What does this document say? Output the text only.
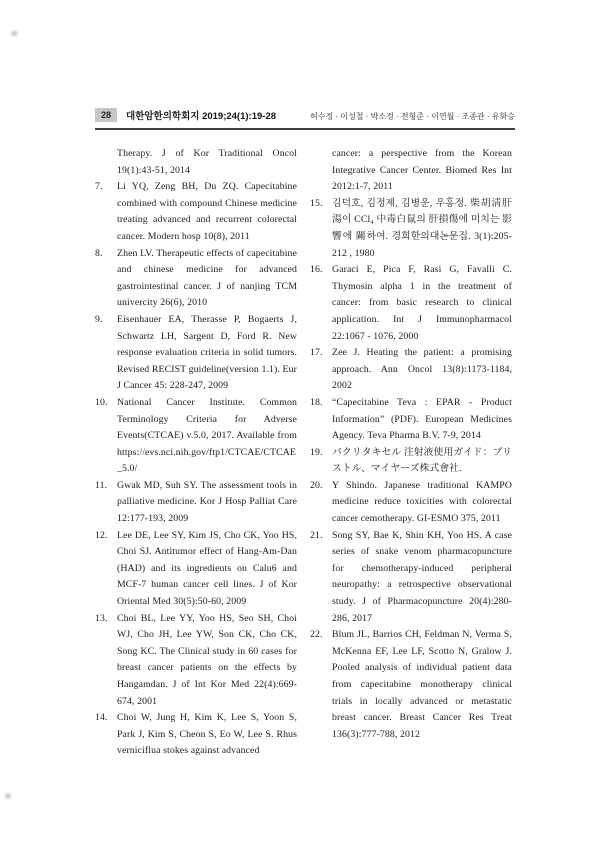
28	대한암한의학회지 2019;24(1):19-28	허수정 · 이성철 · 박소정 · 전형준 · 이연월 · 조종관 · 유화승
Therapy. J of Kor Traditional Oncol 19(1):43-51, 2014
7.	Li YQ, Zeng BH, Du ZQ. Capecitabine combined with compound Chinese medicine treating advanced and recurrent colorectal cancer. Modern hosp 10(8), 2011
8.	Zhen LV. Therapeutic effects of capecitabine and chinese medicine for advanced gastrointestinal cancer. J of nanjing TCM univercity 26(6), 2010
9.	Eisenhauer EA, Therasse P, Bogaerts J, Schwartz LH, Sargent D, Ford R. New response evaluation criteria in solid tumors. Revised RECIST guideline(version 1.1). Eur J Cancer 45: 228-247, 2009
10. National Cancer Institute. Common Terminology Criteria for Adverse Events(CTCAE) v.5.0, 2017. Available from https://evs.nci.nih.gov/ftp1/CTCAE/CTCAE_5.0/
11.	Gwak MD, Suh SY. The assessment tools in palliative medicine. Kor J Hosp Palliat Care 12:177-193, 2009
12. Lee DE, Lee SY, Kim JS, Cho CK, Yoo HS, Choi SJ. Antitumor effect of Hang-Am-Dan (HAD) and its ingredients on Calu6 and MCF-7 human cancer cell lines. J of Kor Oriental Med 30(5):50-60, 2009
13. Choi BL, Lee YY, Yoo HS, Seo SH, Choi WJ, Cho JH, Lee YW, Son CK, Cho CK, Song KC. The Clinical study in 60 cases for breast cancer patients on the effects by Hangamdan. J of Int Kor Med 22(4):669-674, 2001
14. Choi W, Jung H, Kim K, Lee S, Yoon S, Park J, Kim S, Cheon S, Eo W, Lee S. Rhus verniciflua stokes against advanced
cancer: a perspective from the Korean Integrative Cancer Center. Biomed Res Int 2012:1-7, 2011
15. 김덕호, 김정제, 김병운, 우홍정. 柴胡淸肝湯이 CCl₄ 中毒白鼠의 肝損傷에 미치는 影響에 關하여. 경희한의대논문집. 3(1):205-212 , 1980
16. Garaci E, Pica F, Rasi G, Favalli C. Thymosin alpha 1 in the treatment of cancer: from basic research to clinical application. Int J Immunopharmacol 22:1067 - 1076, 2000
17. Zee J. Heating the patient: a promising approach. Ann Oncol 13(8):1173-1184, 2002
18. “Capecitabine Teva : EPAR - Product Information” (PDF). European Medicines Agency. Teva Pharma B.V. 7-9, 2014
19. パクリタキセル 注射液使用ガイド：ブリストル、マイヤーズ株式會社.
20. Y Shindo. Japanese traditional KAMPO medicine reduce toxicities with colorectal cancer cemotherapy. GI-ESMO 375, 2011
21. Song SY, Bae K, Shin KH, Yoo HS. A case series of snake venom pharmacopuncture for chemotherapy-induced peripheral neuropathy: a retrospective observational study. J of Pharmacopuncture 20(4):280-286, 2017
22. Blum JL, Barrios CH, Feldman N, Verma S, McKenna EF, Lee LF, Scotto N, Gralow J. Pooled analysis of individual patient data from capecitabine monotherapy clinical trials in locally advanced or metastatic breast cancer. Breast Cancer Res Treat 136(3):777-788, 2012
